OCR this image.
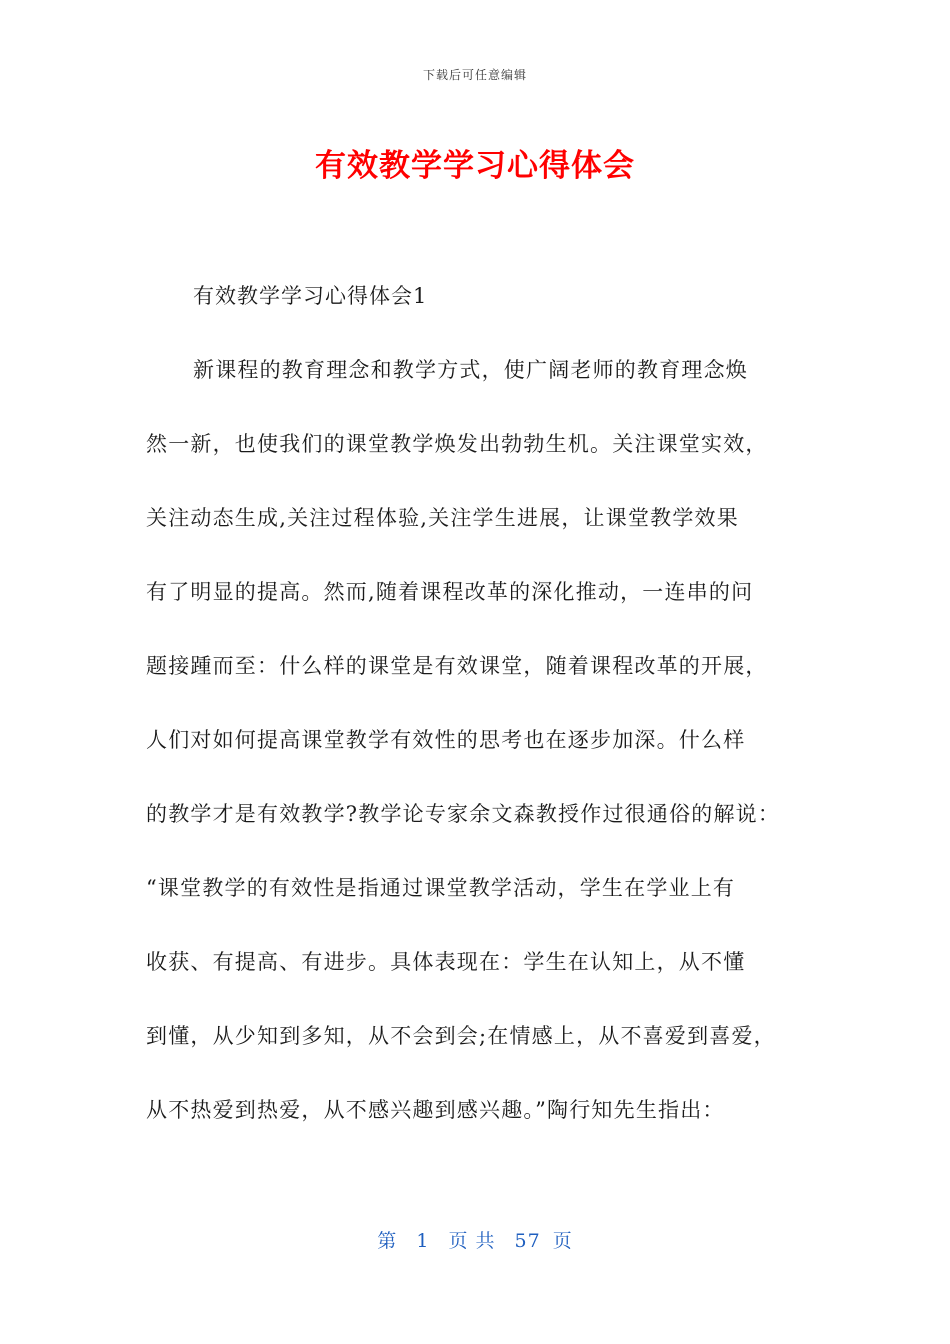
下载后可任意编辑
有效教学学习心得体会
有效教学学习心得体会1
新课程的教育理念和教学方式，使广阔老师的教育理念焕
然一新，也使我们的课堂教学焕发出勃勃生机。关注课堂实效，
关注动态生成,关注过程体验,关注学生进展，让课堂教学效果
有了明显的提高。然而,随着课程改革的深化推动，一连串的问
题接踵而至：什么样的课堂是有效课堂，随着课程改革的开展，
人们对如何提高课堂教学有效性的思考也在逐步加深。什么样
的教学才是有效教学?教学论专家余文森教授作过很通俗的解说：
“课堂教学的有效性是指通过课堂教学活动，学生在学业上有
收获、有提高、有进步。具体表现在：学生在认知上，从不懂
到懂，从少知到多知，从不会到会;在情感上，从不喜爱到喜爱，
从不热爱到热爱，从不感兴趣到感兴趣。”陶行知先生指出：
第 1 页 共 57 页
